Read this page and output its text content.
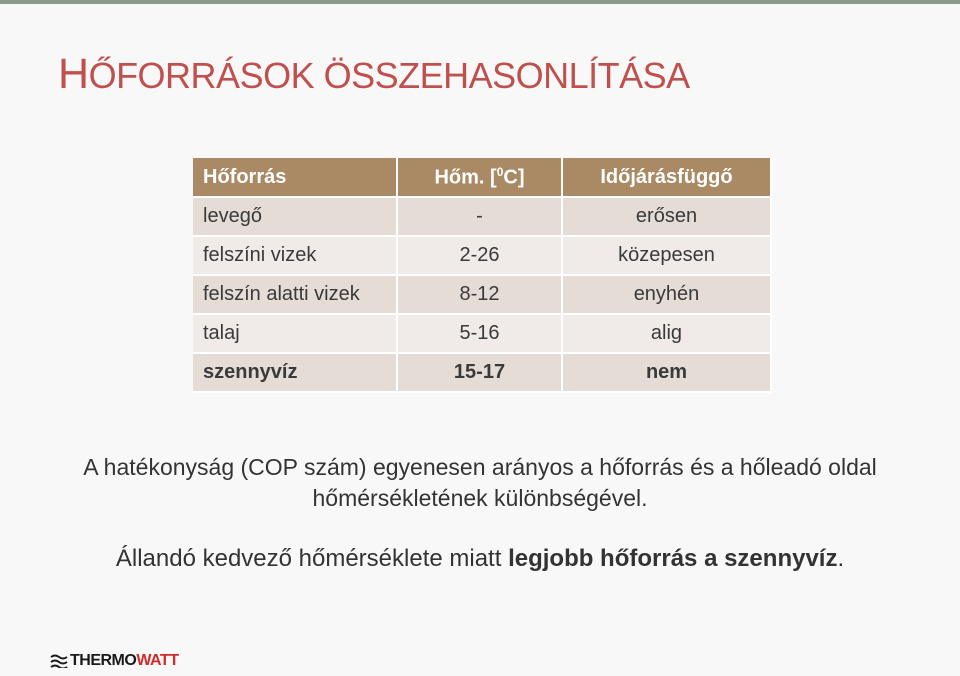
HŐFORRÁSOK ÖSSZEHASONLÍTÁSA
Hőforrás	Hőm. [$^0$C]	Időjárásfüggő
levegő	-	erősen
felszíni vizek	2-26	közepesen
felszín alatti vizek	8-12	enyhén
talaj	5-16	alig
szennyvíz	15-17	nem
A hatékonyság (COP szám) egyenesen arányos a hőforrás és a hőleadó oldal hőmérsékletének különbségével.
Állandó kedvező hőmérséklete miatt legjobb hőforrás a szennyvíz.
THERMOWATT
